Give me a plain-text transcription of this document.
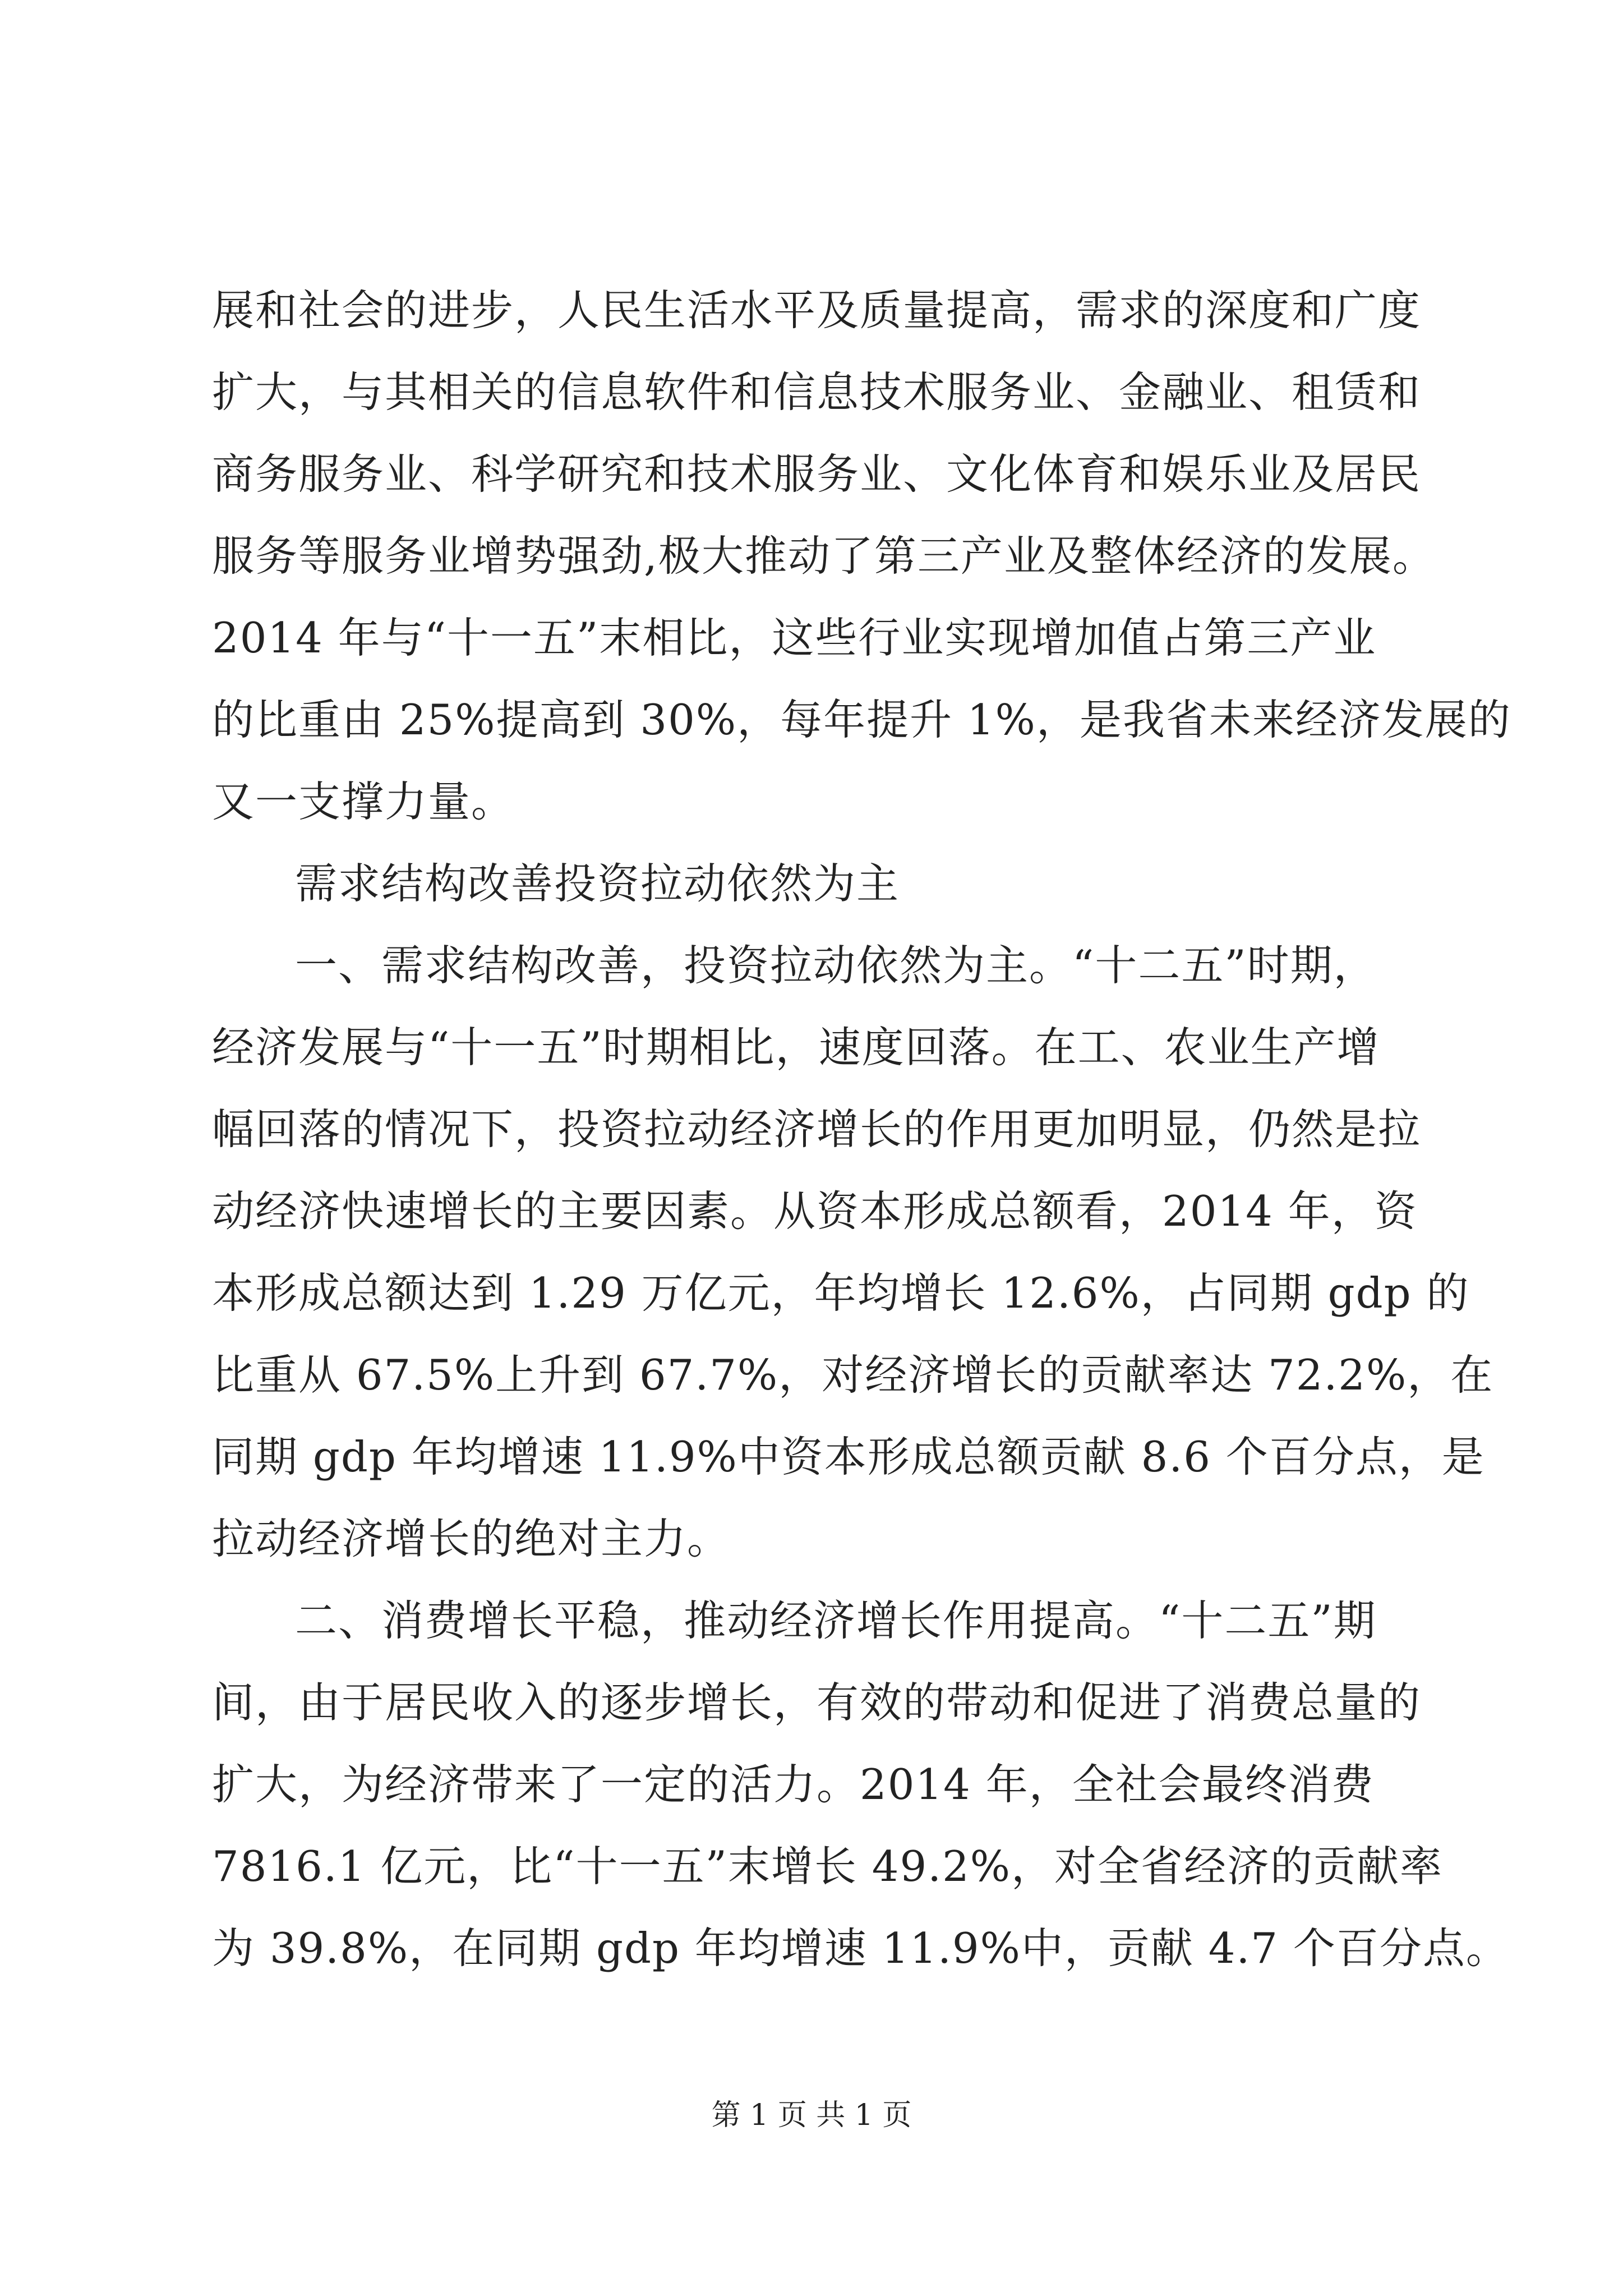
展和社会的进步，人民生活水平及质量提高，需求的深度和广度
扩大，与其相关的信息软件和信息技术服务业、金融业、租赁和
商务服务业、科学研究和技术服务业、文化体育和娱乐业及居民
服务等服务业增势强劲,极大推动了第三产业及整体经济的发展。
2014 年与“十一五”末相比，这些行业实现增加值占第三产业
的比重由 25%提高到 30%，每年提升 1%，是我省未来经济发展的
又一支撑力量。
需求结构改善投资拉动依然为主
一、需求结构改善，投资拉动依然为主。“十二五”时期，
经济发展与“十一五”时期相比，速度回落。在工、农业生产增
幅回落的情况下，投资拉动经济增长的作用更加明显，仍然是拉
动经济快速增长的主要因素。从资本形成总额看，2014 年，资
本形成总额达到 1.29 万亿元，年均增长 12.6%，占同期 gdp 的
比重从 67.5%上升到 67.7%，对经济增长的贡献率达 72.2%，在
同期 gdp 年均增速 11.9%中资本形成总额贡献 8.6 个百分点，是
拉动经济增长的绝对主力。
二、消费增长平稳，推动经济增长作用提高。“十二五”期
间，由于居民收入的逐步增长，有效的带动和促进了消费总量的
扩大，为经济带来了一定的活力。2014 年，全社会最终消费
7816.1 亿元，比“十一五”末增长 49.2%，对全省经济的贡献率
为 39.8%，在同期 gdp 年均增速 11.9%中，贡献 4.7 个百分点。
第 1 页 共 1 页
